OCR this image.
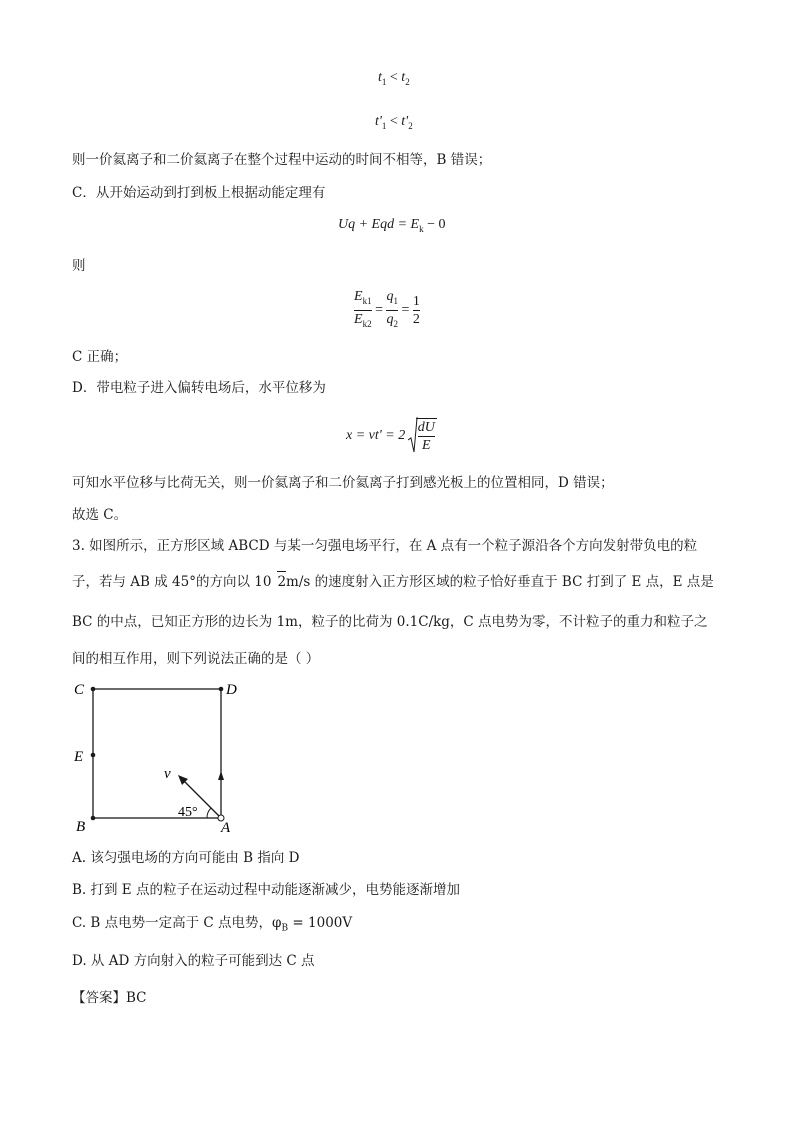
$t_1 < t_2$
$t'_1 < t'_2$
则一价氦离子和二价氦离子在整个过程中运动的时间不相等，B 错误；
C．从开始运动到打到板上根据动能定理有
Uq + Eqd = $E_k - 0$
则
$\frac{E_{k1}}{E_{k2}} = \frac{q_1}{q_2} = \frac{1}{2}$
C 正确；
D．带电粒子进入偏转电场后，水平位移为
$x = vt' = 2 \frac{dU}{E}$
可知水平位移与比荷无关，则一价氦离子和二价氦离子打到感光板上的位置相同，D 错误；
故选 C。
3. 如图所示，正方形区域 ABCD 与某一匀强电场平行，在 A 点有一个粒子源沿各个方向发射带负电的粒
子，若与 AB 成 45°的方向以 10 2m/s 的速度射入正方形区域的粒子恰好垂直于 BC 打到了 E 点，E 点是
BC 的中点，已知正方形的边长为 1m，粒子的比荷为 0.1C/kg，C 点电势为零，不计粒子的重力和粒子之
间的相互作用，则下列说法正确的是（ ）
C	D
E
B	A
v
45°
A. 该匀强电场的方向可能由 B 指向 D
B. 打到 E 点的粒子在运动过程中动能逐渐减少，电势能逐渐增加
C. B 点电势一定高于 C 点电势，$\varphi_B = 1000V$
D. 从 AD 方向射入的粒子可能到达 C 点
【答案】BC
